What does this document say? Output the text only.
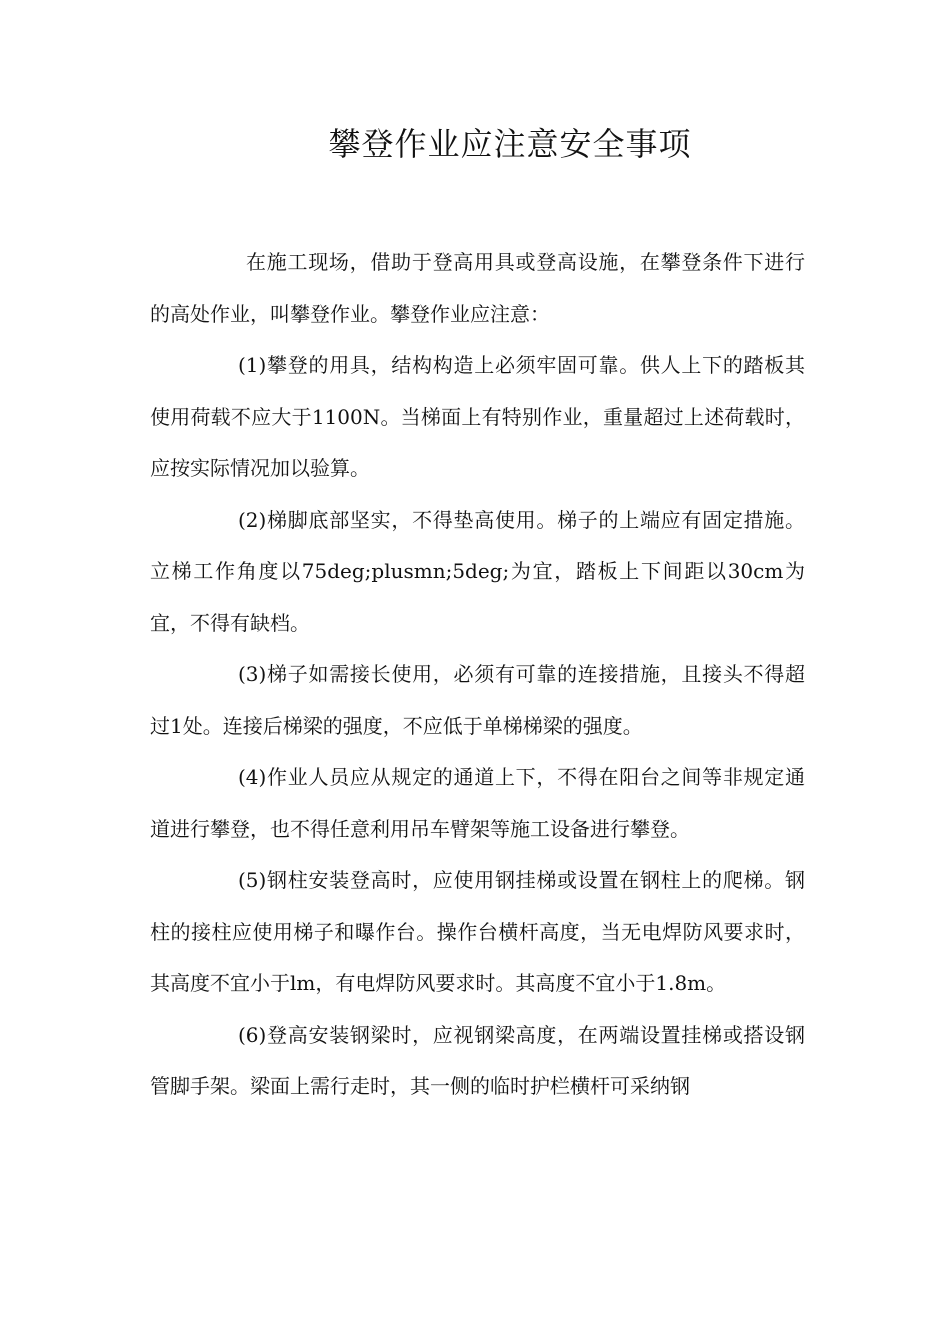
攀登作业应注意安全事项

在施工现场，借助于登高用具或登高设施，在攀登条件下进行的高处作业，叫攀登作业。攀登作业应注意：

(1)攀登的用具，结构构造上必须牢固可靠。供人上下的踏板其使用荷载不应大于1100N。当梯面上有特别作业，重量超过上述荷载时，应按实际情况加以验算。

(2)梯脚底部坚实，不得垫高使用。梯子的上端应有固定措施。立梯工作角度以75deg;plusmn;5deg;为宜，踏板上下间距以30cm为宜，不得有缺档。

(3)梯子如需接长使用，必须有可靠的连接措施，且接头不得超过1处。连接后梯梁的强度，不应低于单梯梯梁的强度。

(4)作业人员应从规定的通道上下，不得在阳台之间等非规定通道进行攀登，也不得任意利用吊车臂架等施工设备进行攀登。

(5)钢柱安装登高时，应使用钢挂梯或设置在钢柱上的爬梯。钢柱的接柱应使用梯子和曝作台。操作台横杆高度，当无电焊防风要求时，其高度不宜小于lm，有电焊防风要求时。其高度不宜小于1.8m。

(6)登高安装钢梁时，应视钢梁高度，在两端设置挂梯或搭设钢管脚手架。梁面上需行走时，其一侧的临时护栏横杆可采纳钢
